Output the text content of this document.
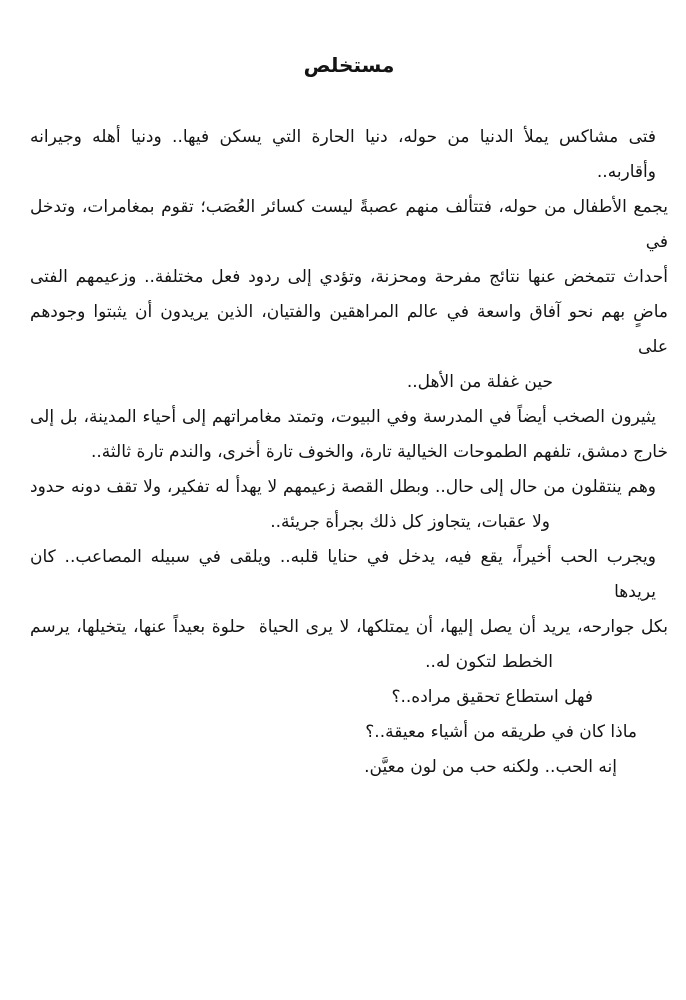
مستخلص
فتى مشاكس يملأ الدنيا من حوله، دنيا الحارة التي يسكن فيها.. ودنيا أهله وجيرانه وأقاربه..
يجمع الأطفال من حوله، فتتألف منهم عصبةً ليست كسائر العُصَب؛ تقوم بمغامرات، وتدخل في
أحداث تتمخض عنها نتائج مفرحة ومحزنة، وتؤدي إلى ردود فعل مختلفة.. وزعيمهم الفتى
ماضٍ بهم نحو آفاق واسعة في عالم المراهقين والفتيان، الذين يريدون أن يثبتوا وجودهم على
حين غفلة من الأهل..
يثيرون الصخب أيضاً في المدرسة وفي البيوت، وتمتد مغامراتهم إلى أحياء المدينة، بل إلى
خارج دمشق، تلفهم الطموحات الخيالية تارة، والخوف تارة أخرى، والندم تارة ثالثة..
وهم ينتقلون من حال إلى حال.. وبطل القصة زعيمهم لا يهدأ له تفكير، ولا تقف دونه حدود
ولا عقبات، يتجاوز كل ذلك بجرأة جريئة..
ويجرب الحب أخيراً، يقع فيه، يدخل في حنايا قلبه.. ويلقى في سبيله المصاعب.. كان يريدها
بكل جوارحه، يريد أن يصل إليها، أن يمتلكها، لا يرى الحياة  حلوة بعيداً عنها، يتخيلها، يرسم
الخطط لتكون له..
فهل استطاع تحقيق مراده..؟
ماذا كان في طريقه من أشياء معيقة..؟
إنه الحب.. ولكنه حب من لون معيَّن.
